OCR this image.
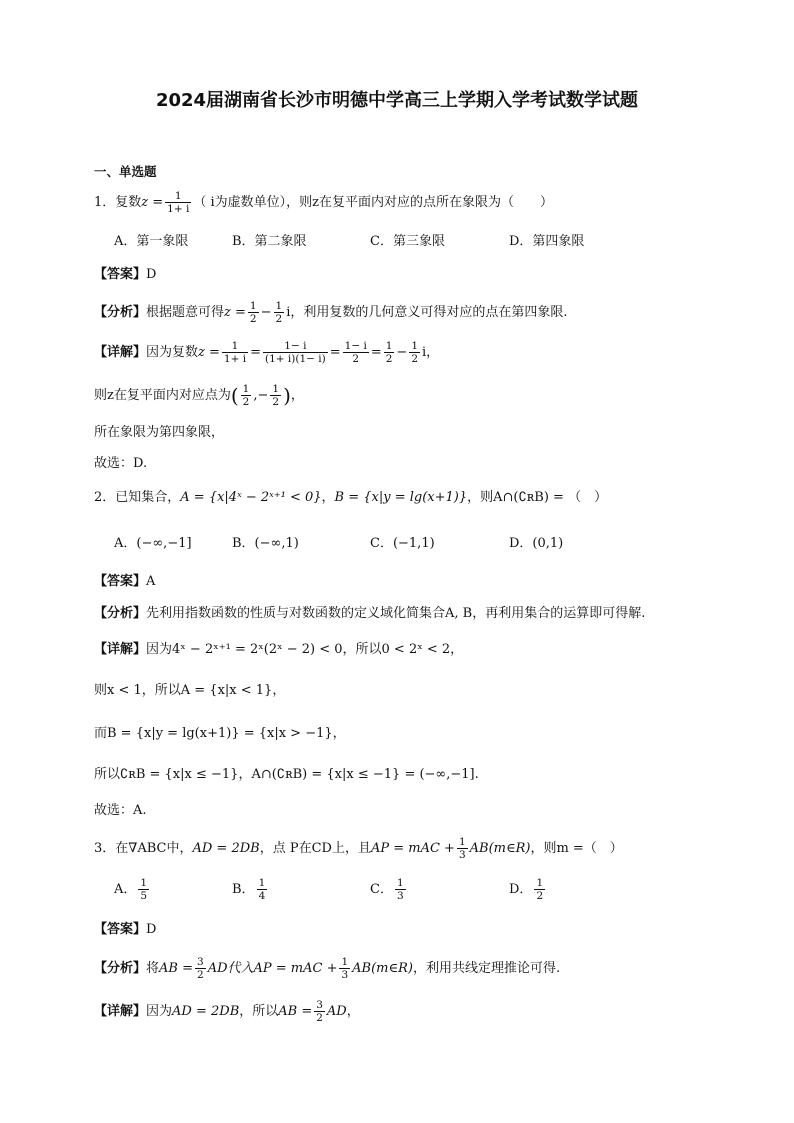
2024届湖南省长沙市明德中学高三上学期入学考试数学试题
一、单选题
1．复数$z = \frac{1}{1+ i}$ （ i为虚数单位），则z在复平面内对应的点所在象限为（　　）
A．第一象限	B．第二象限	C．第三象限	D．第四象限
【答案】D
【分析】根据题意可得$z = \frac{1}{2} - \frac{1}{2}$ i，利用复数的几何意义可得对应的点在第四象限.
【详解】因为复数$z = \frac{1}{1+ i} = \frac{1- i}{(1+ i)(1- i)} = \frac{1- i}{2} = \frac{1}{2} - \frac{1}{2}$ i，
则z在复平面内对应点为( $\frac{1}{2}$ ,− $\frac{1}{2}$ )，
所在象限为第四象限，
故选：D.
2．已知集合，A = {x|4ˣ − 2ˣ⁺¹ < 0}，B = {x|y = lg(x+1)}，则A∩(∁ʀB) = （　）
A．(−∞,−1]	B．(−∞,1)	C．(−1,1)	D．(0,1)
【答案】A
【分析】先利用指数函数的性质与对数函数的定义域化简集合A, B，再利用集合的运算即可得解.
【详解】因为4ˣ − 2ˣ⁺¹ = 2ˣ(2ˣ − 2) < 0，所以0 < 2ˣ < 2，
则x < 1，所以A = {x|x < 1}，
而B = {x|y = lg(x+1)} = {x|x > −1}，
所以∁ʀB = {x|x ≤ −1}，A∩(∁ʀB) = {x|x ≤ −1} = (−∞,−1].
故选：A.
3．在∇ABC中，AD = 2DB，点 P在CD上，且AP = mAC + $\frac{1}{3}$ AB(m∈R)，则m =（　）
A． $\frac{1}{5}$	B． $\frac{1}{4}$	C． $\frac{1}{3}$	D． $\frac{1}{2}$
【答案】D
【分析】将AB = $\frac{3}{2}$ AD代入AP = mAC + $\frac{1}{3}$ AB(m∈R)，利用共线定理推论可得.
【详解】因为AD = 2DB，所以AB = $\frac{3}{2}$ AD，
